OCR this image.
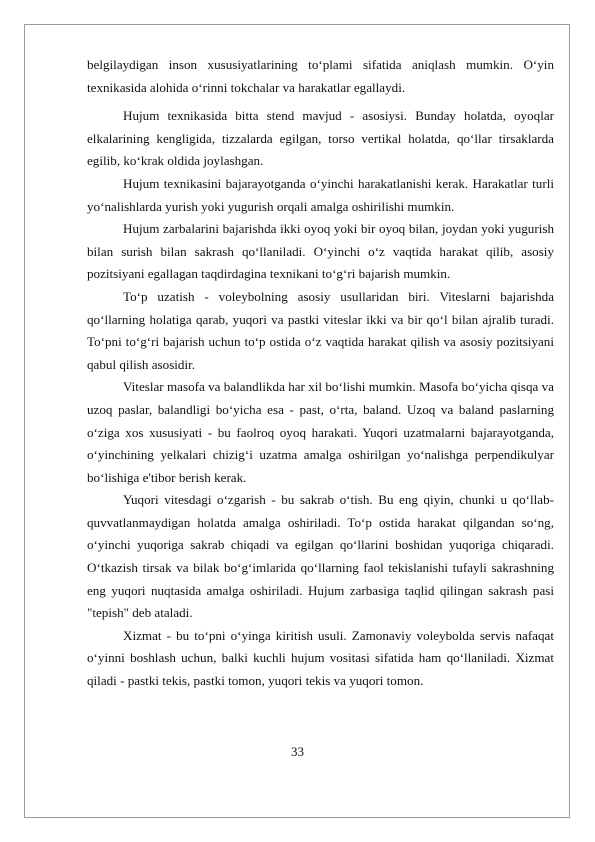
belgilaydigan inson xususiyatlarining to‘plami sifatida aniqlash mumkin. O‘yin texnikasida alohida o‘rinni tokchalar va harakatlar egallaydi.

Hujum texnikasida bitta stend mavjud - asosiysi. Bunday holatda, oyoqlar elkalarining kengligida, tizzalarda egilgan, torso vertikal holatda, qo‘llar tirsaklarda egilib, ko‘krak oldida joylashgan.

Hujum texnikasini bajarayotganda o‘yinchi harakatlanishi kerak. Harakatlar turli yo‘nalishlarda yurish yoki yugurish orqali amalga oshirilishi mumkin.

Hujum zarbalarini bajarishda ikki oyoq yoki bir oyoq bilan, joydan yoki yugurish bilan surish bilan sakrash qo‘llaniladi. O‘yinchi o‘z vaqtida harakat qilib, asosiy pozitsiyani egallagan taqdirdagina texnikani to‘g‘ri bajarish mumkin.

To‘p uzatish - voleybolning asosiy usullaridan biri. Viteslarni bajarishda qo‘llarning holatiga qarab, yuqori va pastki viteslar ikki va bir qo‘l bilan ajralib turadi. To‘pni to‘g‘ri bajarish uchun to‘p ostida o‘z vaqtida harakat qilish va asosiy pozitsiyani qabul qilish asosidir.

Viteslar masofa va balandlikda har xil bo‘lishi mumkin. Masofa bo‘yicha qisqa va uzoq paslar, balandligi bo‘yicha esa - past, o‘rta, baland. Uzoq va baland paslarning o‘ziga xos xususiyati - bu faolroq oyoq harakati. Yuqori uzatmalarni bajarayotganda, o‘yinchining yelkalari chizig‘i uzatma amalga oshirilgan yo‘nalishga perpendikulyar bo‘lishiga e'tibor berish kerak.

Yuqori vitesdagi o‘zgarish - bu sakrab o‘tish. Bu eng qiyin, chunki u qo‘llab-quvvatlanmaydigan holatda amalga oshiriladi. To‘p ostida harakat qilgandan so‘ng, o‘yinchi yuqoriga sakrab chiqadi va egilgan qo‘llarini boshidan yuqoriga chiqaradi. O‘tkazish tirsak va bilak bo‘g‘imlarida qo‘llarning faol tekislanishi tufayli sakrashning eng yuqori nuqtasida amalga oshiriladi. Hujum zarbasiga taqlid qilingan sakrash pasi "tepish" deb ataladi.

Xizmat - bu to‘pni o‘yinga kiritish usuli. Zamonaviy voleybolda servis nafaqat o‘yinni boshlash uchun, balki kuchli hujum vositasi sifatida ham qo‘llaniladi. Xizmat qiladi - pastki tekis, pastki tomon, yuqori tekis va yuqori tomon.

33
